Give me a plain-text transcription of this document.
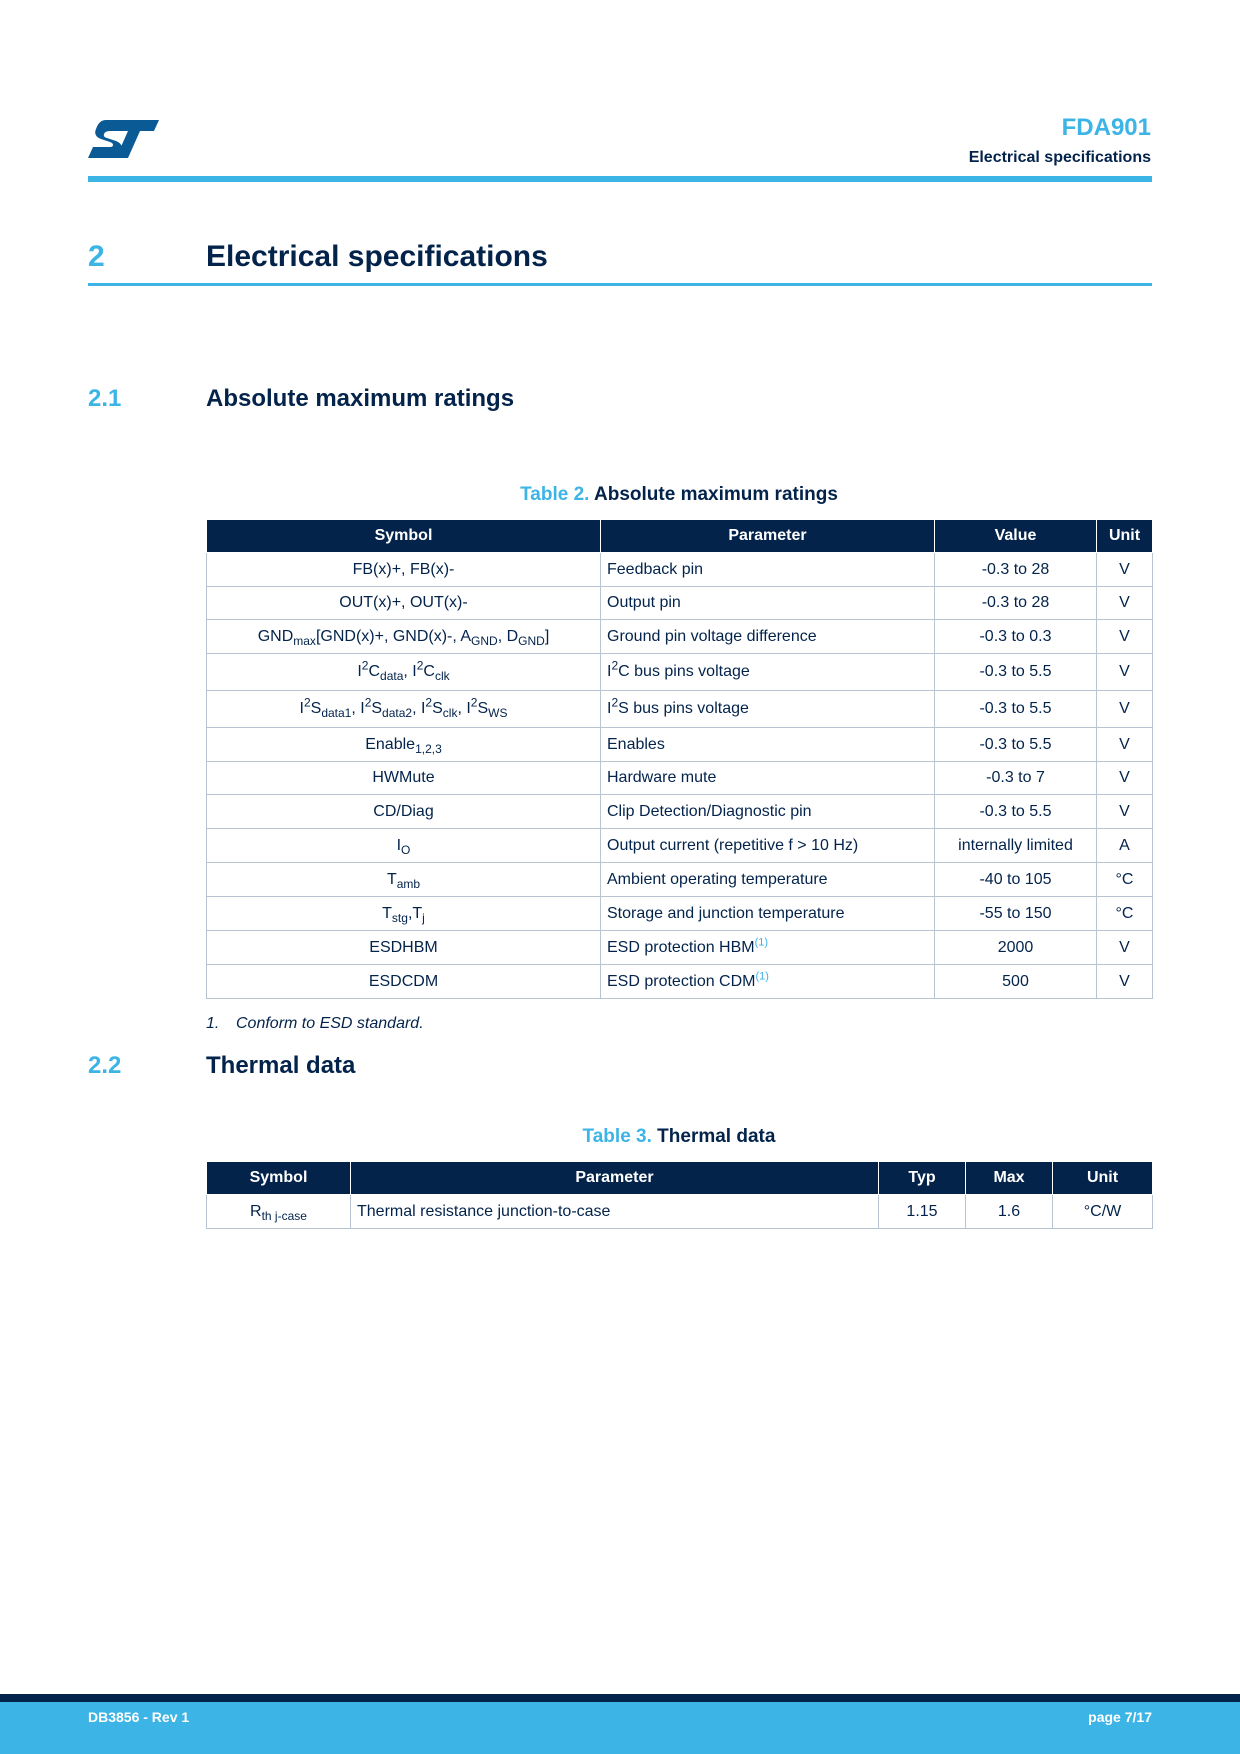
FDA901
Electrical specifications
2	Electrical specifications
2.1	Absolute maximum ratings
Table 2. Absolute maximum ratings
Symbol	Parameter	Value	Unit
FB(x)+, FB(x)-	Feedback pin	-0.3 to 28	V
OUT(x)+, OUT(x)-	Output pin	-0.3 to 28	V
$GND_{max}[GND(x)+$, GND(x)-, $A_{GND}$, $D_{GND}$]	Ground pin voltage difference	-0.3 to 0.3	V
$I^2C_{data}$, $I^2C_{clk}$	$I^2C$ bus pins voltage	-0.3 to 5.5	V
$I^2S_{data1}$, $I^2S_{data2}$, $I^2S_{clk}$, $I^2S_{WS}$	$I^2S$ bus pins voltage	-0.3 to 5.5	V
Enable$_{1,2,3}$	Enables	-0.3 to 5.5	V
HWMute	Hardware mute	-0.3 to 7	V
CD/Diag	Clip Detection/Diagnostic pin	-0.3 to 5.5	V
$I_O$	Output current (repetitive f > 10 Hz)	internally limited	A
$T_{amb}$	Ambient operating temperature	-40 to 105	°C
$T_{stg},T_j$	Storage and junction temperature	-55 to 150	°C
ESDHBM	ESD protection HBM$^{(1)}$	2000	V
ESDCDM	ESD protection CDM$^{(1)}$	500	V
1. Conform to ESD standard.
2.2	Thermal data
Table 3. Thermal data
Symbol	Parameter	Typ	Max	Unit
$R_{th j-case}$	Thermal resistance junction-to-case	1.15	1.6	°C/W
DB3856 - Rev 1	page 7/17
